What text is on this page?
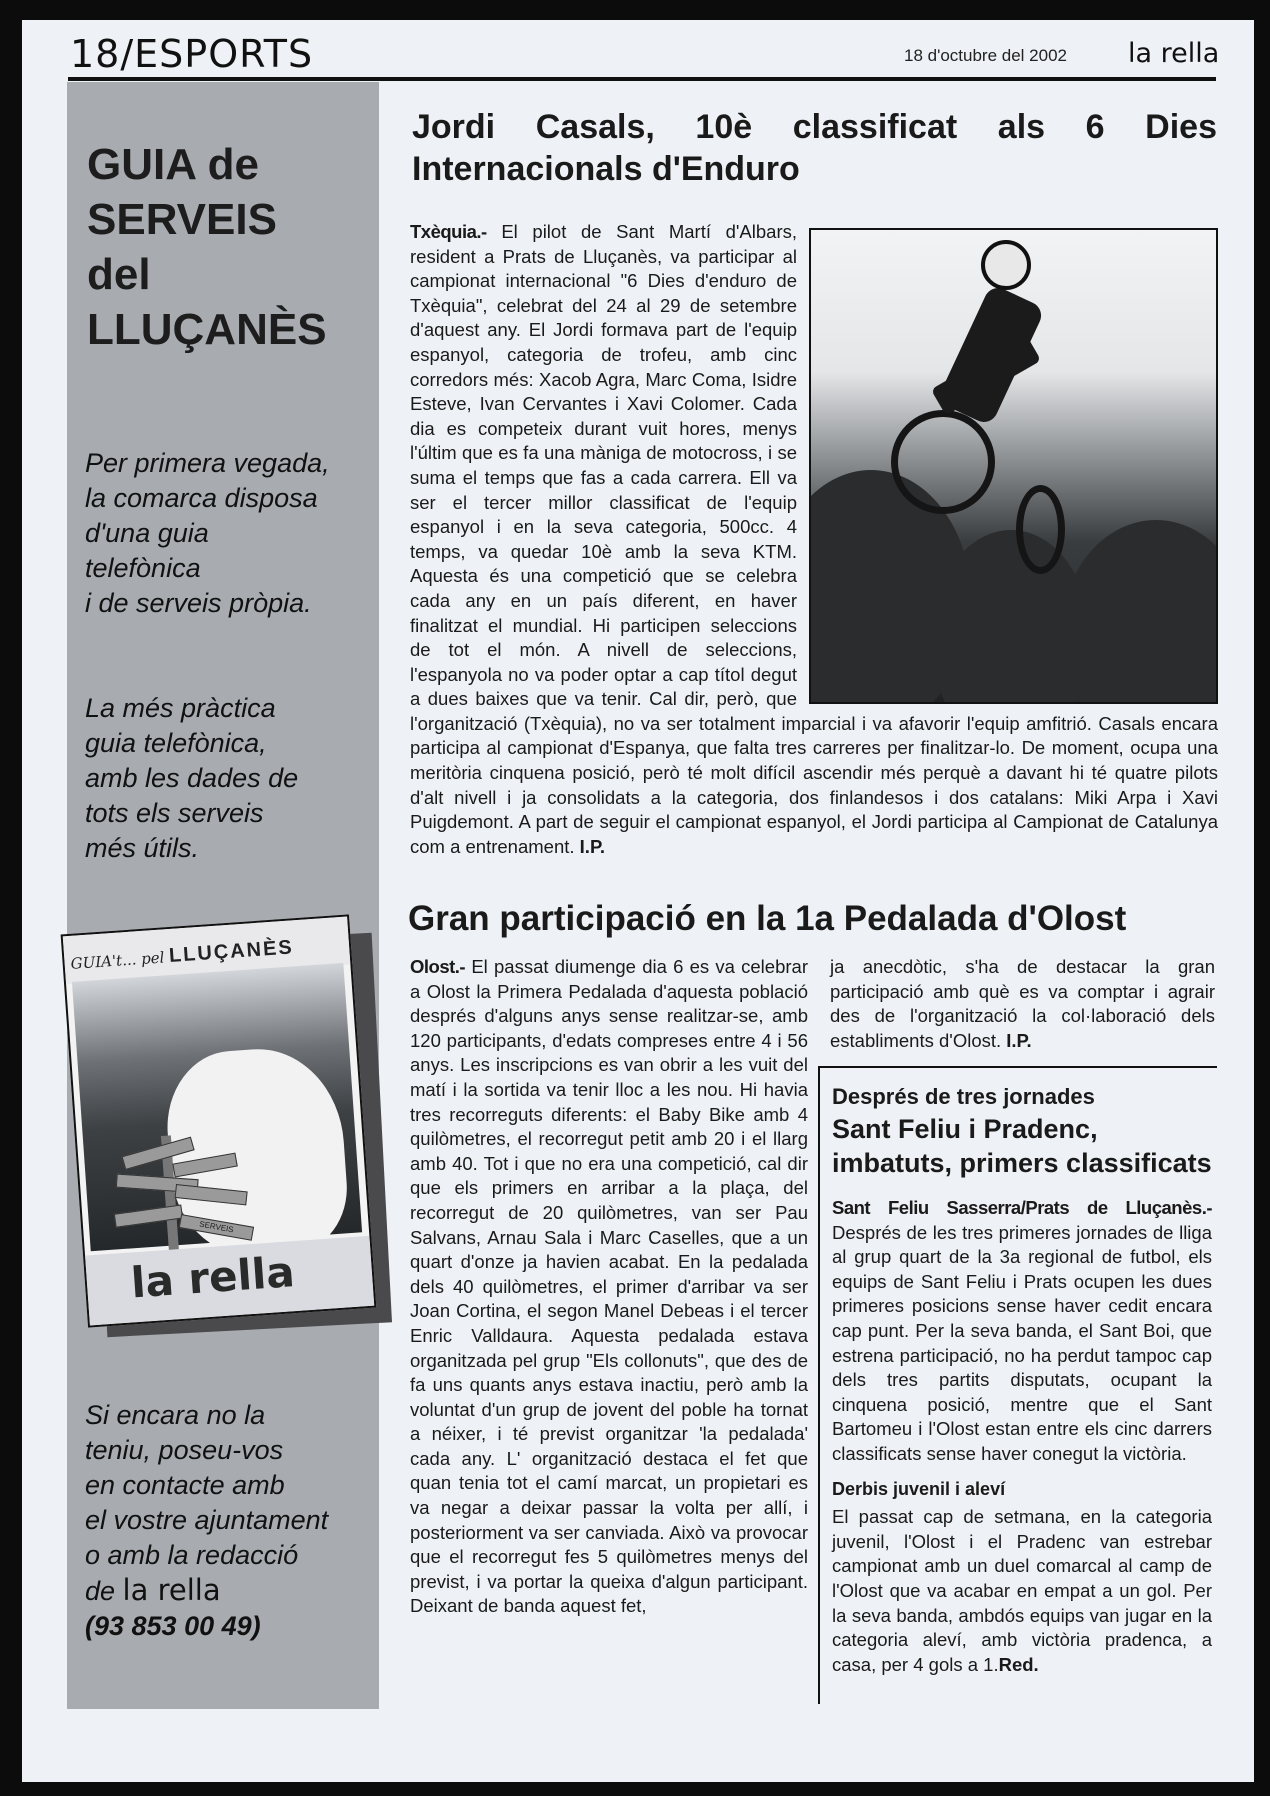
18/ESPORTS	18 d'octubre del 2002 la rella
GUIA de
SERVEIS
del
LLUÇANÈS
Per primera vegada,
la comarca disposa
d'una guia
telefònica
i de serveis pròpia.
La més pràctica
guia telefònica,
amb les dades de
tots els serveis
més útils.
Si encara no la
teniu, poseu-vos
en contacte amb
el vostre ajuntament
o amb la redacció
de la rella
(93 853 00 49)
GUIA't... pel LLUÇANÈS
SERVEIS
la rella
Jordi Casals, 10è classificat als 6 Dies Internacionals d'Enduro
Txèquia.- El pilot de Sant Martí d'Albars, resident a Prats de Lluçanès, va participar al campionat internacional "6 Dies d'enduro de Txèquia", celebrat del 24 al 29 de setembre d'aquest any. El Jordi formava part de l'equip espanyol, categoria de trofeu, amb cinc corredors més: Xacob Agra, Marc Coma, Isidre Esteve, Ivan Cervantes i Xavi Colomer. Cada dia es competeix durant vuit hores, menys l'últim que es fa una màniga de motocross, i se suma el temps que fas a cada carrera. Ell va ser el tercer millor classificat de l'equip espanyol i en la seva categoria, 500cc. 4 temps, va quedar 10è amb la seva KTM. Aquesta és una competició que se celebra cada any en un país diferent, en haver finalitzat el mundial. Hi participen seleccions de tot el món. A nivell de seleccions, l'espanyola no va poder optar a cap títol degut a dues baixes que va tenir. Cal dir, però, que l'organització (Txèquia), no va ser totalment imparcial i va afavorir l'equip amfitrió. Casals encara participa al campionat d'Espanya, que falta tres carreres per finalitzar-lo. De moment, ocupa una meritòria cinquena posició, però té molt difícil ascendir més perquè a davant hi té quatre pilots d'alt nivell i ja consolidats a la categoria, dos finlandesos i dos catalans: Miki Arpa i Xavi Puigdemont. A part de seguir el campionat espanyol, el Jordi participa al Campionat de Catalunya com a entrenament. I.P.
Gran participació en la 1a Pedalada d'Olost
Olost.- El passat diumenge dia 6 es va celebrar a Olost la Primera Pedalada d'aquesta població després d'alguns anys sense realitzar-se, amb 120 participants, d'edats compreses entre 4 i 56 anys. Les inscripcions es van obrir a les vuit del matí i la sortida va tenir lloc a les nou. Hi havia tres recorreguts diferents: el Baby Bike amb 4 quilòmetres, el recorregut petit amb 20 i el llarg amb 40. Tot i que no era una competició, cal dir que els primers en arribar a la plaça, del recorregut de 20 quilòmetres, van ser Pau Salvans, Arnau Sala i Marc Caselles, que a un quart d'onze ja havien acabat. En la pedalada dels 40 quilòmetres, el primer d'arribar va ser Joan Cortina, el segon Manel Debeas i el tercer Enric Valldaura. Aquesta pedalada estava organitzada pel grup "Els collonuts", que des de fa uns quants anys estava inactiu, però amb la voluntat d'un grup de jovent del poble ha tornat a néixer, i té previst organitzar 'la pedalada' cada any. L' organització destaca el fet que quan tenia tot el camí marcat, un propietari es va negar a deixar passar la volta per allí, i posteriorment va ser canviada. Això va provocar que el recorregut fes 5 quilòmetres menys del previst, i va portar la queixa d'algun participant. Deixant de banda aquest fet,
ja anecdòtic, s'ha de destacar la gran participació amb què es va comptar i agrair des de l'organització la col·laboració dels establiments d'Olost. I.P.
Després de tres jornades
Sant Feliu i Pradenc, imbatuts, primers classificats

Sant Feliu Sasserra/Prats de Lluçanès.- Després de les tres primeres jornades de lliga al grup quart de la 3a regional de futbol, els equips de Sant Feliu i Prats ocupen les dues primeres posicions sense haver cedit encara cap punt. Per la seva banda, el Sant Boi, que estrena participació, no ha perdut tampoc cap dels tres partits disputats, ocupant la cinquena posició, mentre que el Sant Bartomeu i l'Olost estan entre els cinc darrers classificats sense haver conegut la victòria.

Derbis juvenil i aleví

El passat cap de setmana, en la categoria juvenil, l'Olost i el Pradenc van estrebar campionat amb un duel comarcal al camp de l'Olost que va acabar en empat a un gol. Per la seva banda, ambdós equips van jugar en la categoria aleví, amb victòria pradenca, a casa, per 4 gols a 1.Red.
